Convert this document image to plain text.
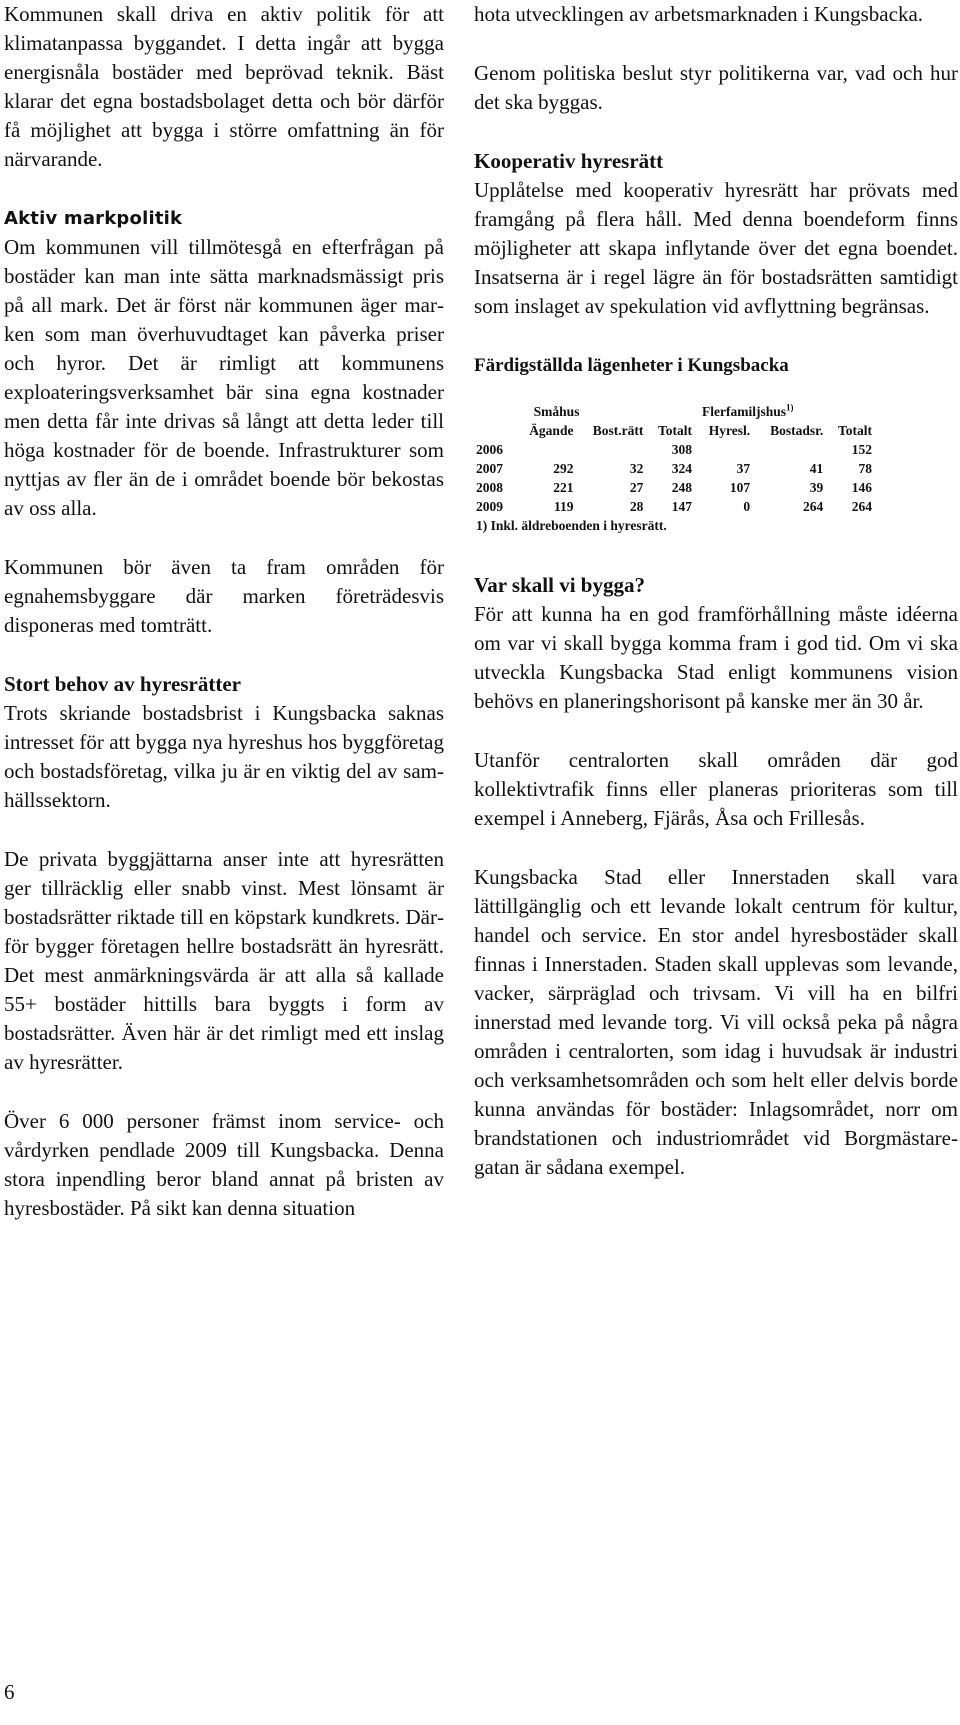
Kommunen skall driva en aktiv politik för att klimatanpassa byggandet. I detta ingår att bygga energisnåla bostäder med beprövad teknik. Bäst klarar det egna bostadsbolaget detta och bör därför få möjlighet att bygga i större omfattning än för närvarande.

Aktiv markpolitik

Om kommunen vill tillmötesgå en efterfrågan på bostäder kan man inte sätta marknadsmässigt pris på all mark. Det är först när kommunen äger marken som man överhuvudtaget kan påverka priser och hyror. Det är rimligt att kommunens exploateringsverksamhet bär sina egna kostnader men detta får inte drivas så långt att detta leder till höga kostnader för de boende. Infrastrukturer som nyttjas av fler än de i området boende bör bekostas av oss alla.

Kommunen bör även ta fram områden för egnahemsbyggare där marken företrädesvis disponeras med tomträtt.

Stort behov av hyresrätter

Trots skriande bostadsbrist i Kungsbacka saknas intresset för att bygga nya hyreshus hos byggföretag och bostadsföretag, vilka ju är en viktig del av samhällssektorn.

De privata byggjättarna anser inte att hyresrätten ger tillräcklig eller snabb vinst. Mest lönsamt är bostadsrätter riktade till en köpstark kundkrets. Därför bygger företagen hellre bostadsrätt än hyresrätt. Det mest anmärkningsvärda är att alla så kallade 55+ bostäder hittills bara byggts i form av bostadsrätter. Även här är det rimligt med ett inslag av hyresrätter.

Över 6 000 personer främst inom service- och vårdyrken pendlade 2009 till Kungsbacka. Denna stora inpendling beror bland annat på bristen av hyresbostäder. På sikt kan denna situation

hota utvecklingen av arbetsmarknaden i Kungsbacka.

Genom politiska beslut styr politikerna var, vad och hur det ska byggas.

Kooperativ hyresrätt

Upplåtelse med kooperativ hyresrätt har prövats med framgång på flera håll. Med denna boendeform finns möjligheter att skapa inflytande över det egna boendet. Insatserna är i regel lägre än för bostadsrätten samtidigt som inslaget av spekulation vid avflyttning begränsas.

Färdigställda lägenheter i Kungsbacka
	Småhus			Flerfamiljshus$^{1)}$
	Ägande	Bost.rätt	Totalt	Hyresl.	Bostadsr.	Totalt
2006			308			152
2007	292	32	324	37	41	78
2008	221	27	248	107	39	146
2009	119	28	147	0	264	264
1) Inkl. äldreboenden i hyresrätt.						

Var skall vi bygga?

För att kunna ha en god framförhållning måste idéerna om var vi skall bygga komma fram i god tid. Om vi ska utveckla Kungsbacka Stad enligt kommunens vision behövs en planeringshorisont på kanske mer än 30 år.

Utanför centralorten skall områden där god kollektivtrafik finns eller planeras prioriteras som till exempel i Anneberg, Fjärås, Åsa och Frillesås.

Kungsbacka Stad eller Innerstaden skall vara lättillgänglig och ett levande lokalt centrum för kultur, handel och service. En stor andel hyresbostäder skall finnas i Innerstaden. Staden skall upplevas som levande, vacker, särpräglad och trivsam. Vi vill ha en bilfri innerstad med levande torg. Vi vill också peka på några områden i centralorten, som idag i huvudsak är industri och verksamhetsområden och som helt eller delvis borde kunna användas för bostäder: Inlagsområdet, norr om brandstationen och industriområdet vid Borgmästaregatan är sådana exempel.

6
